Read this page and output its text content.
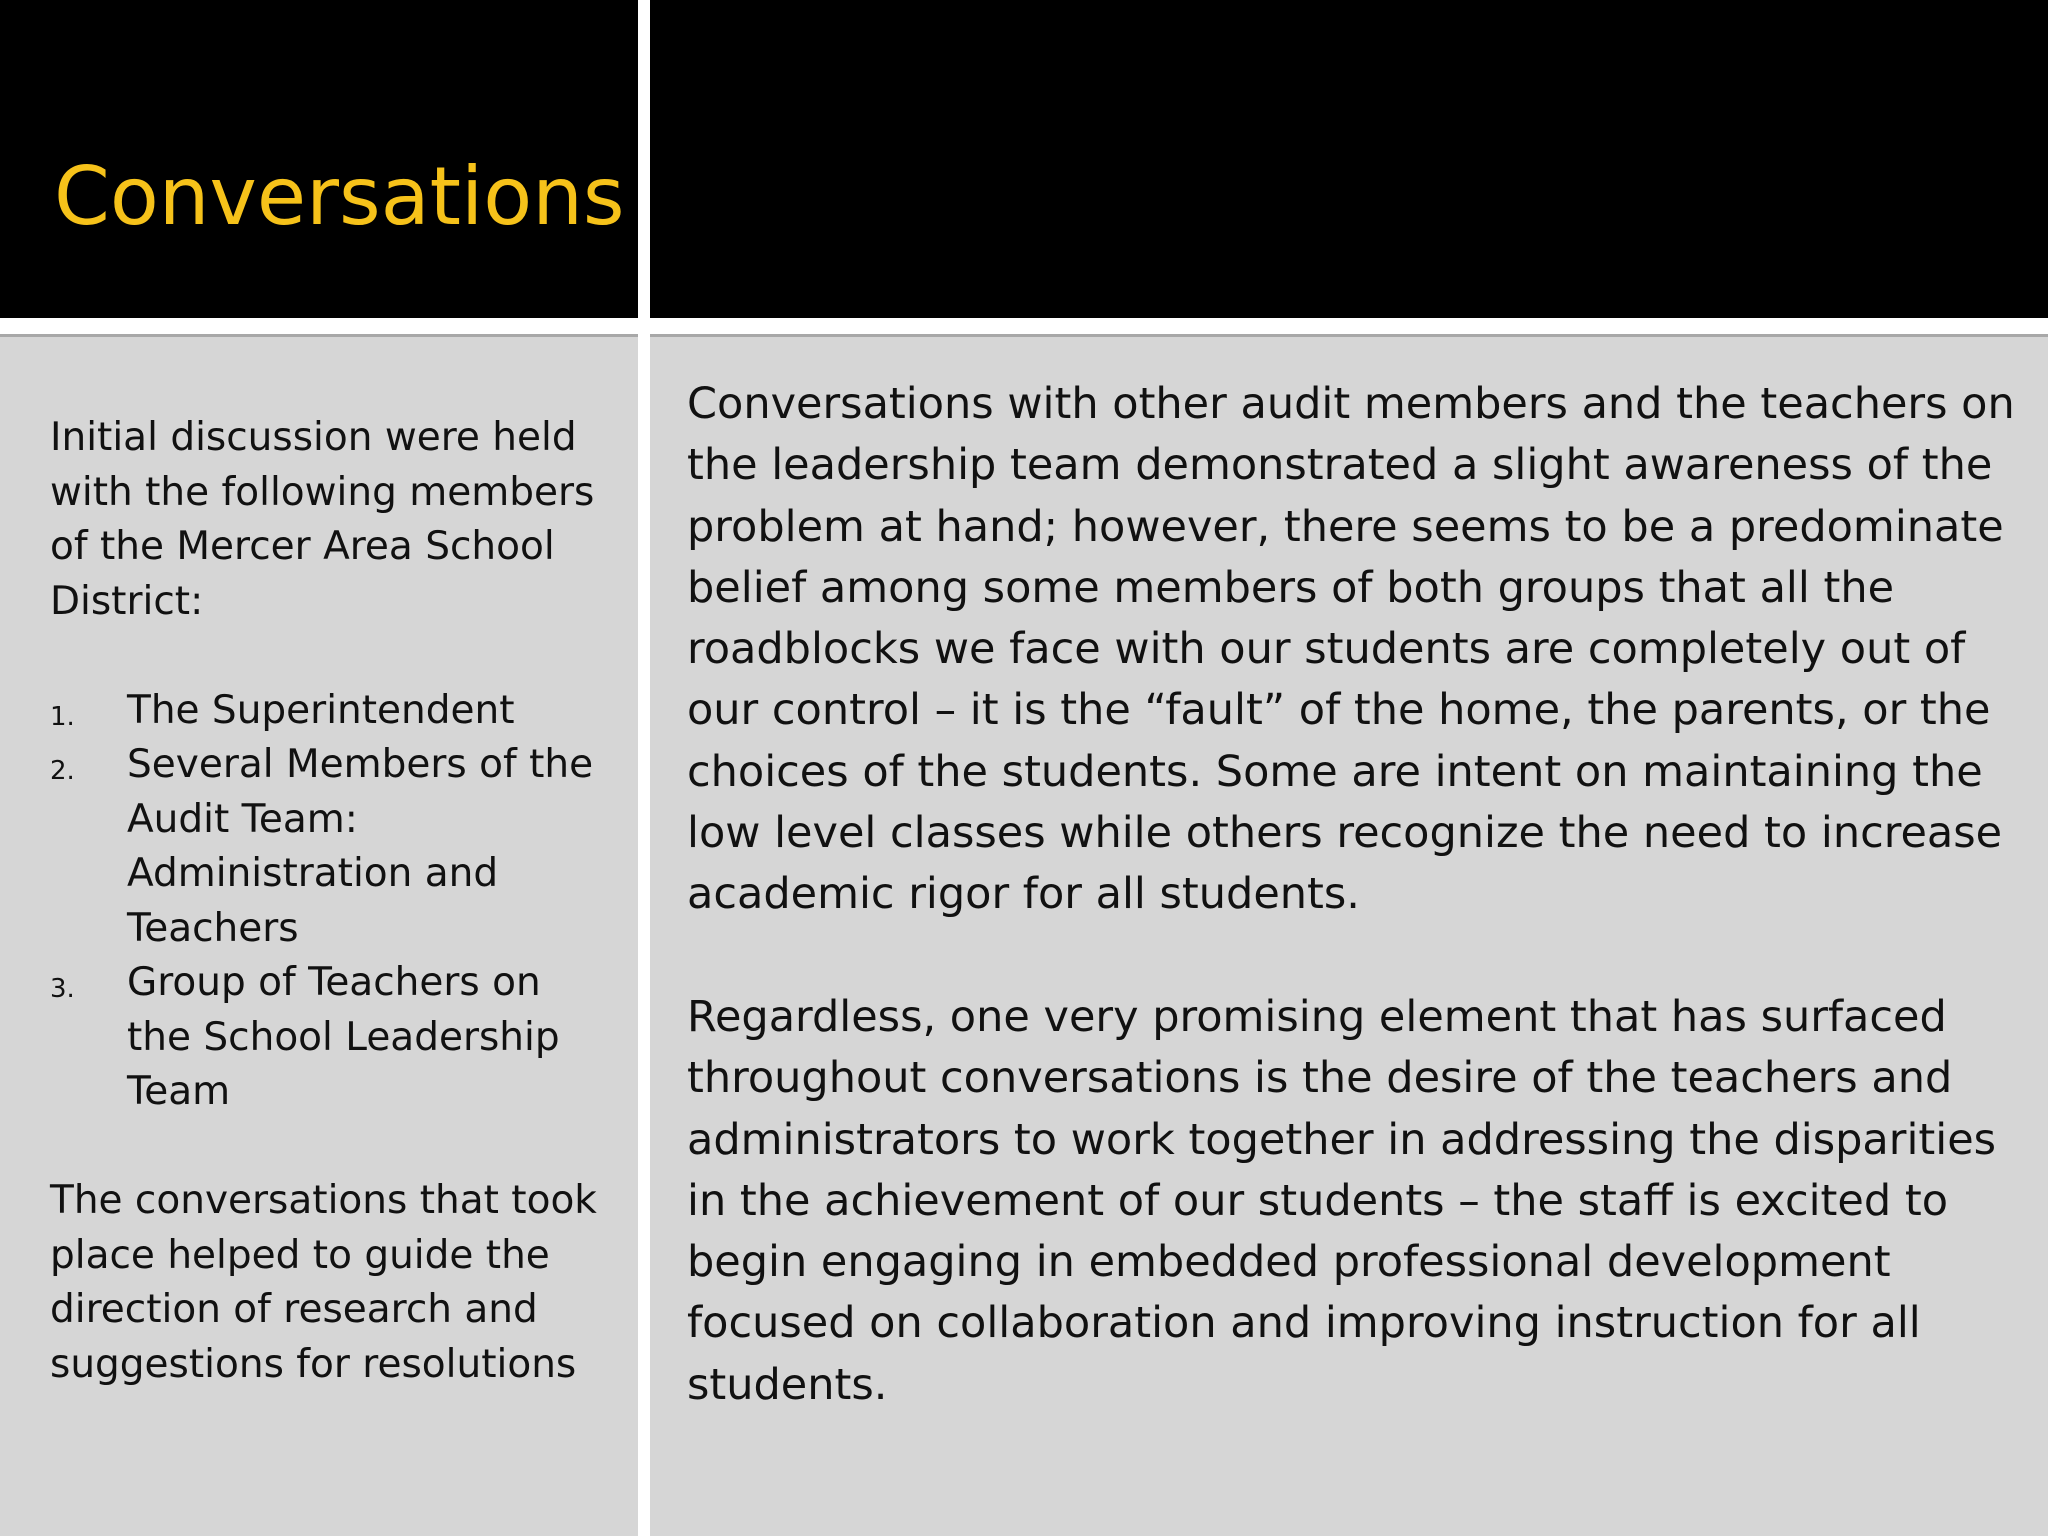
Conversations

Initial discussion were held with the following members of the Mercer Area School District:

1. The Superintendent
2. Several Members of the Audit Team: Administration and Teachers
3. Group of Teachers on the School Leadership Team

The conversations that took place helped to guide the direction of research and suggestions for resolutions

Conversations with other audit members and the teachers on the leadership team demonstrated a slight awareness of the problem at hand; however, there seems to be a predominate belief among some members of both groups that all the roadblocks we face with our students are completely out of our control – it is the “fault” of the home, the parents, or the choices of the students. Some are intent on maintaining the low level classes while others recognize the need to increase academic rigor for all students.

Regardless, one very promising element that has surfaced throughout conversations is the desire of the teachers and administrators to work together in addressing the disparities in the achievement of our students – the staff is excited to begin engaging in embedded professional development focused on collaboration and improving instruction for all students.
